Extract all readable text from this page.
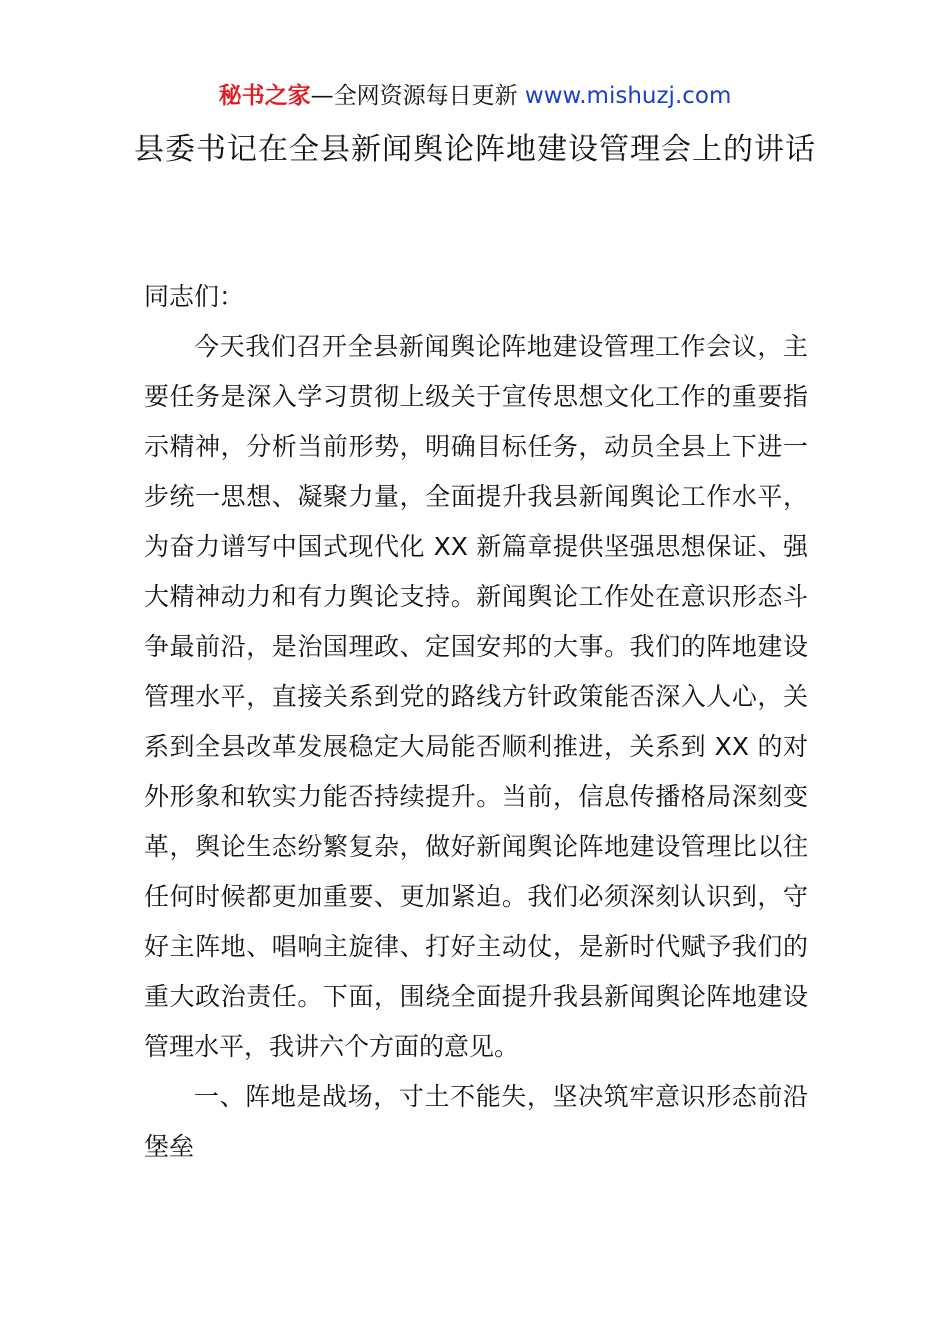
秘书之家—全网资源每日更新 www.mishuzj.com
县委书记在全县新闻舆论阵地建设管理会上的讲话

同志们：

今天我们召开全县新闻舆论阵地建设管理工作会议，主要任务是深入学习贯彻上级关于宣传思想文化工作的重要指示精神，分析当前形势，明确目标任务，动员全县上下进一步统一思想、凝聚力量，全面提升我县新闻舆论工作水平，为奋力谱写中国式现代化 XX 新篇章提供坚强思想保证、强大精神动力和有力舆论支持。新闻舆论工作处在意识形态斗争最前沿，是治国理政、定国安邦的大事。我们的阵地建设管理水平，直接关系到党的路线方针政策能否深入人心，关系到全县改革发展稳定大局能否顺利推进，关系到 XX 的对外形象和软实力能否持续提升。当前，信息传播格局深刻变革，舆论生态纷繁复杂，做好新闻舆论阵地建设管理比以往任何时候都更加重要、更加紧迫。我们必须深刻认识到，守好主阵地、唱响主旋律、打好主动仗，是新时代赋予我们的重大政治责任。下面，围绕全面提升我县新闻舆论阵地建设管理水平，我讲六个方面的意见。

一、阵地是战场，寸土不能失，坚决筑牢意识形态前沿堡垒
